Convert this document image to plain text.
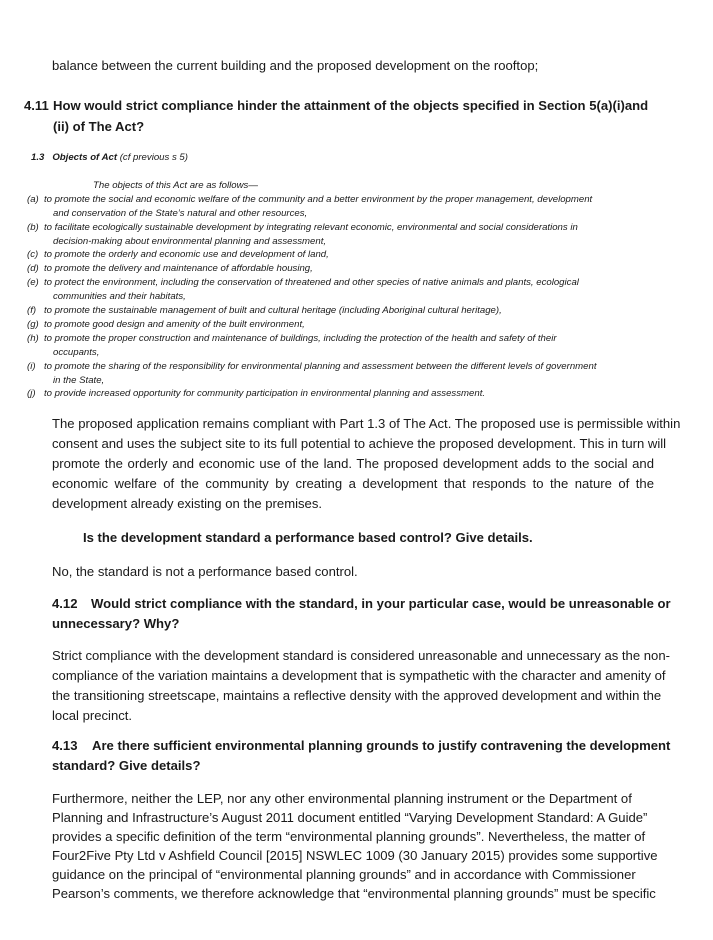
balance between the current building and the proposed development on the rooftop;
4.11 How would strict compliance hinder the attainment of the objects specified in Section 5(a)(i)and
(ii) of The Act?
1.3 Objects of Act (cf previous s 5)
The objects of this Act are as follows—
(a) to promote the social and economic welfare of the community and a better environment by the proper management, development
and conservation of the State’s natural and other resources,
(b) to facilitate ecologically sustainable development by integrating relevant economic, environmental and social considerations in
decision-making about environmental planning and assessment,
(c) to promote the orderly and economic use and development of land,
(d) to promote the delivery and maintenance of affordable housing,
(e) to protect the environment, including the conservation of threatened and other species of native animals and plants, ecological
communities and their habitats,
(f) to promote the sustainable management of built and cultural heritage (including Aboriginal cultural heritage),
(g) to promote good design and amenity of the built environment,
(h) to promote the proper construction and maintenance of buildings, including the protection of the health and safety of their
occupants,
(i) to promote the sharing of the responsibility for environmental planning and assessment between the different levels of government
in the State,
(j) to provide increased opportunity for community participation in environmental planning and assessment.
The proposed application remains compliant with Part 1.3 of The Act. The proposed use is permissible within
consent and uses the subject site to its full potential to achieve the proposed development. This in turn will
promote the orderly and economic use of the land. The proposed development adds to the social and
economic welfare of the community by creating a development that responds to the nature of the
development already existing on the premises.
Is the development standard a performance based control? Give details.
No, the standard is not a performance based control.
4.12 Would strict compliance with the standard, in your particular case, would be unreasonable or
unnecessary? Why?
Strict compliance with the development standard is considered unreasonable and unnecessary as the non-
compliance of the variation maintains a development that is sympathetic with the character and amenity of
the transitioning streetscape, maintains a reflective density with the approved development and within the
local precinct.
4.13 Are there sufficient environmental planning grounds to justify contravening the development
standard? Give details?
Furthermore, neither the LEP, nor any other environmental planning instrument or the Department of
Planning and Infrastructure’s August 2011 document entitled “Varying Development Standard: A Guide”
provides a specific definition of the term “environmental planning grounds”. Nevertheless, the matter of
Four2Five Pty Ltd v Ashfield Council [2015] NSWLEC 1009 (30 January 2015) provides some supportive
guidance on the principal of “environmental planning grounds” and in accordance with Commissioner
Pearson’s comments, we therefore acknowledge that “environmental planning grounds” must be specific
